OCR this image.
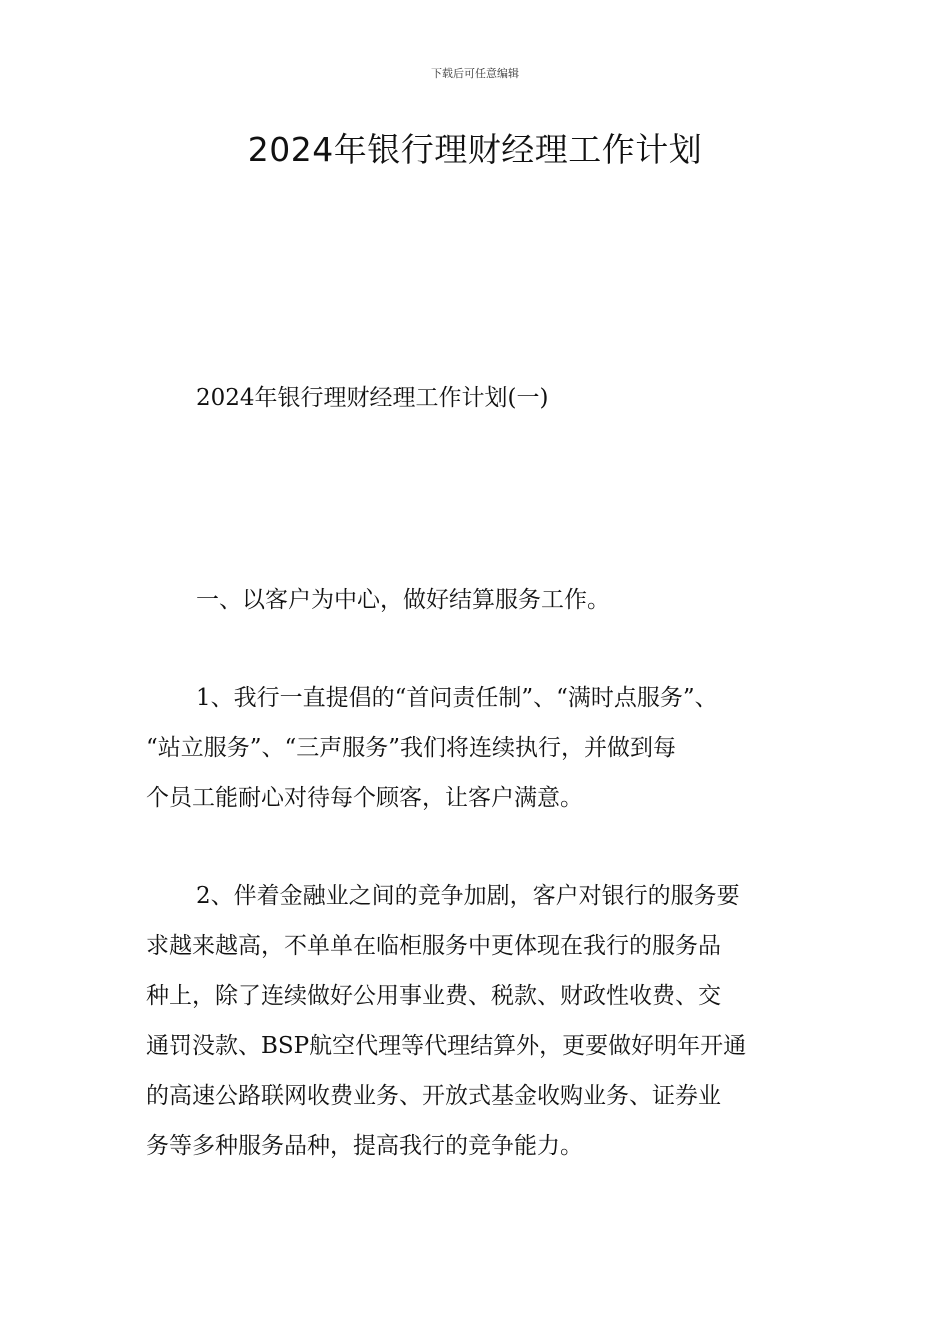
下载后可任意编辑
2024年银行理财经理工作计划

2024年银行理财经理工作计划(一)

一、以客户为中心，做好结算服务工作。

1、我行一直提倡的“首问责任制”、“满时点服务”、
“站立服务”、“三声服务”我们将连续执行，并做到每
个员工能耐心对待每个顾客，让客户满意。

2、伴着金融业之间的竞争加剧，客户对银行的服务要
求越来越高，不单单在临柜服务中更体现在我行的服务品
种上，除了连续做好公用事业费、税款、财政性收费、交
通罚没款、BSP航空代理等代理结算外，更要做好明年开通
的高速公路联网收费业务、开放式基金收购业务、证券业
务等多种服务品种，提高我行的竞争能力。
